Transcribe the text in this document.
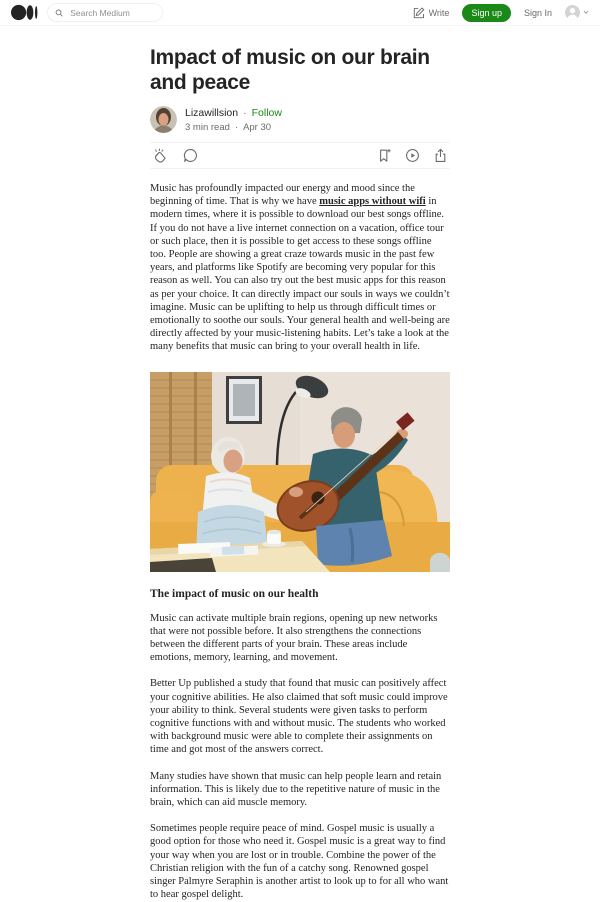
Search Medium
Write	Sign up	Sign In
Impact of music on our brain and peace
Lizawillsion · Follow
3 min read · Apr 30

Music has profoundly impacted our energy and mood since the beginning of time. That is why we have music apps without wifi in modern times, where it is possible to download our best songs offline. If you do not have a live internet connection on a vacation, office tour or such place, then it is possible to get access to these songs offline too. People are showing a great craze towards music in the past few years, and platforms like Spotify are becoming very popular for this reason as well. You can also try out the best music apps for this reason as per your choice. It can directly impact our souls in ways we couldn’t imagine. Music can be uplifting to help us through difficult times or emotionally to soothe our souls. Your general health and well-being are directly affected by your music-listening habits. Let’s take a look at the many benefits that music can bring to your overall health in life.

The impact of music on our health

Music can activate multiple brain regions, opening up new networks that were not possible before. It also strengthens the connections between the different parts of your brain. These areas include emotions, memory, learning, and movement.

Better Up published a study that found that music can positively affect your cognitive abilities. He also claimed that soft music could improve your ability to think. Several students were given tasks to perform cognitive functions with and without music. The students who worked with background music were able to complete their assignments on time and got most of the answers correct.

Many studies have shown that music can help people learn and retain information. This is likely due to the repetitive nature of music in the brain, which can aid muscle memory.

Sometimes people require peace of mind. Gospel music is usually a good option for those who need it. Gospel music is a great way to find your way when you are lost or in trouble. Combine the power of the Christian religion with the fun of a catchy song. Renowned gospel singer Palmyre Seraphin is another artist to look up to for all who want to hear gospel delight.
